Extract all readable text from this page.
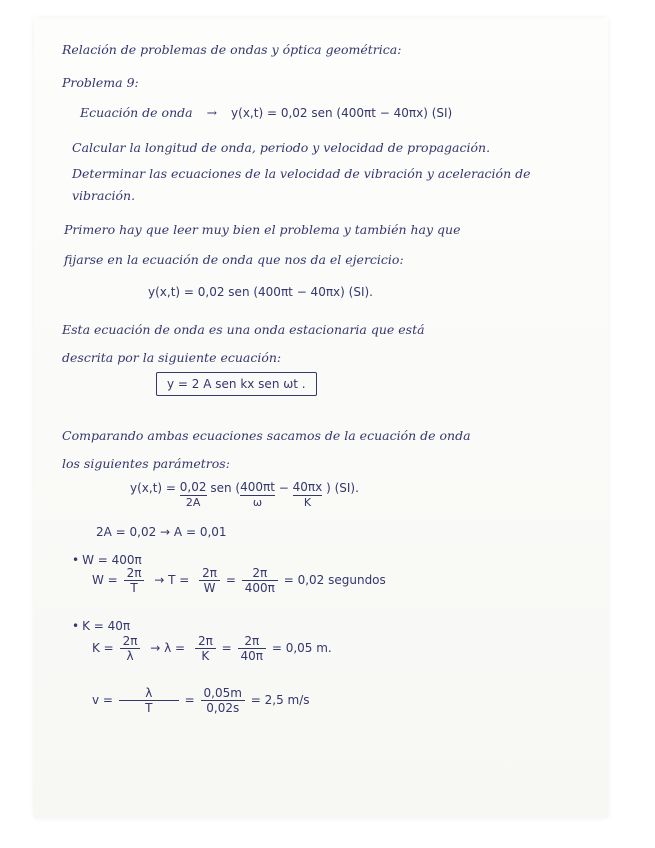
Relación de problemas de ondas y óptica geométrica:
Problema 9:
Ecuación de onda → y(x,t) = 0,02 sen (400πt − 40πx) (SI)
Calcular la longitud de onda, periodo y velocidad de propagación.
Determinar las ecuaciones de la velocidad de vibración y aceleración de
vibración.
Primero hay que leer muy bien el problema y también hay que
fijarse en la ecuación de onda que nos da el ejercicio:
y(x,t) = 0,02 sen (400πt − 40πx) (SI).
Esta ecuación de onda es una onda estacionaria que está
descrita por la siguiente ecuación:
y = 2 A sen kx sen ωt .
Comparando ambas ecuaciones sacamos de la ecuación de onda
los siguientes parámetros:
$y(x,t) = \frac{0,02}{2A}$ sen ( $\frac{400\pi t}{\omega} - \frac{40\pi x}{K}$ ) (SI).
2A = 0,02 → A = 0,01
• W = 400π
$W = \frac{2\pi}{T} \to T = \frac{2\pi}{W} = \frac{2\pi}{400\pi} = 0,02$ segundos
• K = 40π
$K = \frac{2\pi}{\lambda} \to \lambda = \frac{2\pi}{K} = \frac{2\pi}{40\pi} = 0,05$ m.
$v = \frac{\lambda}{T} = \frac{0,05m}{0,02s} = 2,5$ m/s
